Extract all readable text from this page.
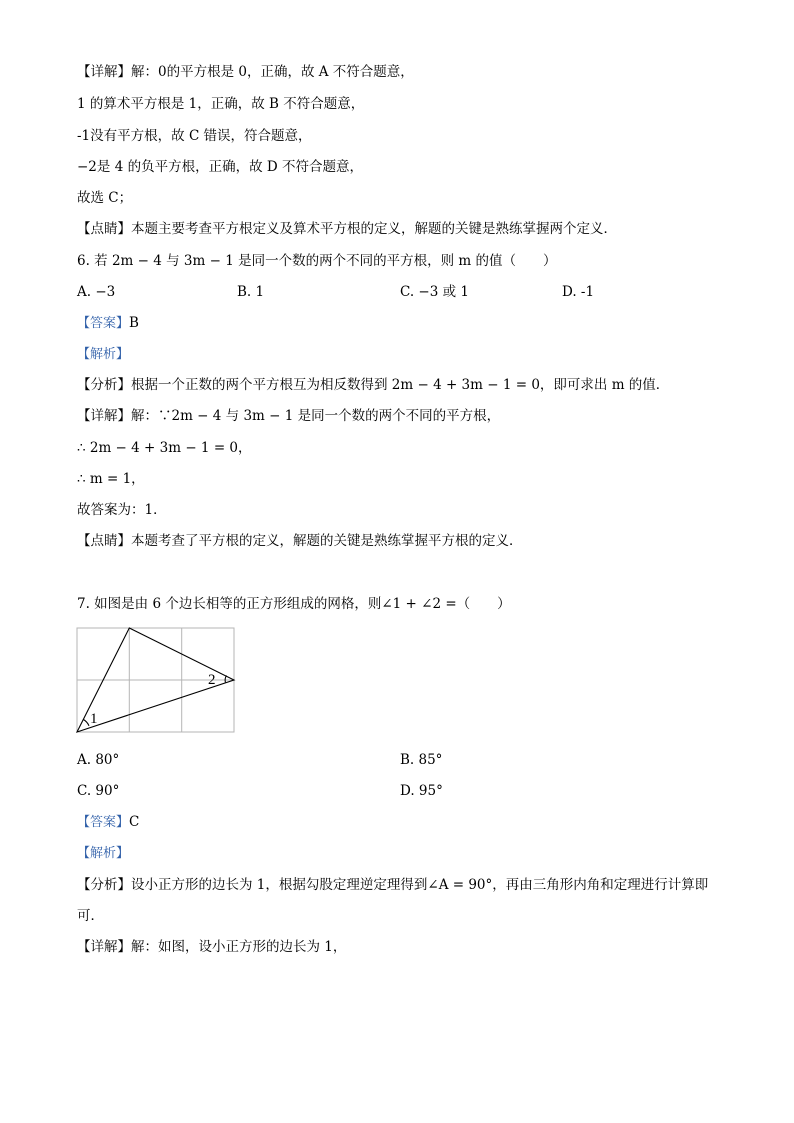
【详解】解：0的平方根是 0，正确，故 A 不符合题意，
1 的算术平方根是 1，正确，故 B 不符合题意，
-1没有平方根，故 C 错误，符合题意，
−2是 4 的负平方根，正确，故 D 不符合题意，
故选 C；
【点睛】本题主要考查平方根定义及算术平方根的定义，解题的关键是熟练掌握两个定义．
6. 若 2m − 4 与 3m − 1 是同一个数的两个不同的平方根，则 m 的值（　　）
A. −3	B. 1	C. −3 或 1	D. -1
【答案】B
【解析】
【分析】根据一个正数的两个平方根互为相反数得到 2m − 4 + 3m − 1 = 0，即可求出 m 的值．
【详解】解：∵2m − 4 与 3m − 1 是同一个数的两个不同的平方根，
∴ 2m − 4 + 3m − 1 = 0，
∴ m = 1，
故答案为：1．
【点睛】本题考查了平方根的定义，解题的关键是熟练掌握平方根的定义．
7. 如图是由 6 个边长相等的正方形组成的网格，则∠1 + ∠2 =（　　）
1
2
A. 80°	B. 85°
C. 90°	D. 95°
【答案】C
【解析】
【分析】设小正方形的边长为 1，根据勾股定理逆定理得到∠A = 90°，再由三角形内角和定理进行计算即
可．
【详解】解：如图，设小正方形的边长为 1，
